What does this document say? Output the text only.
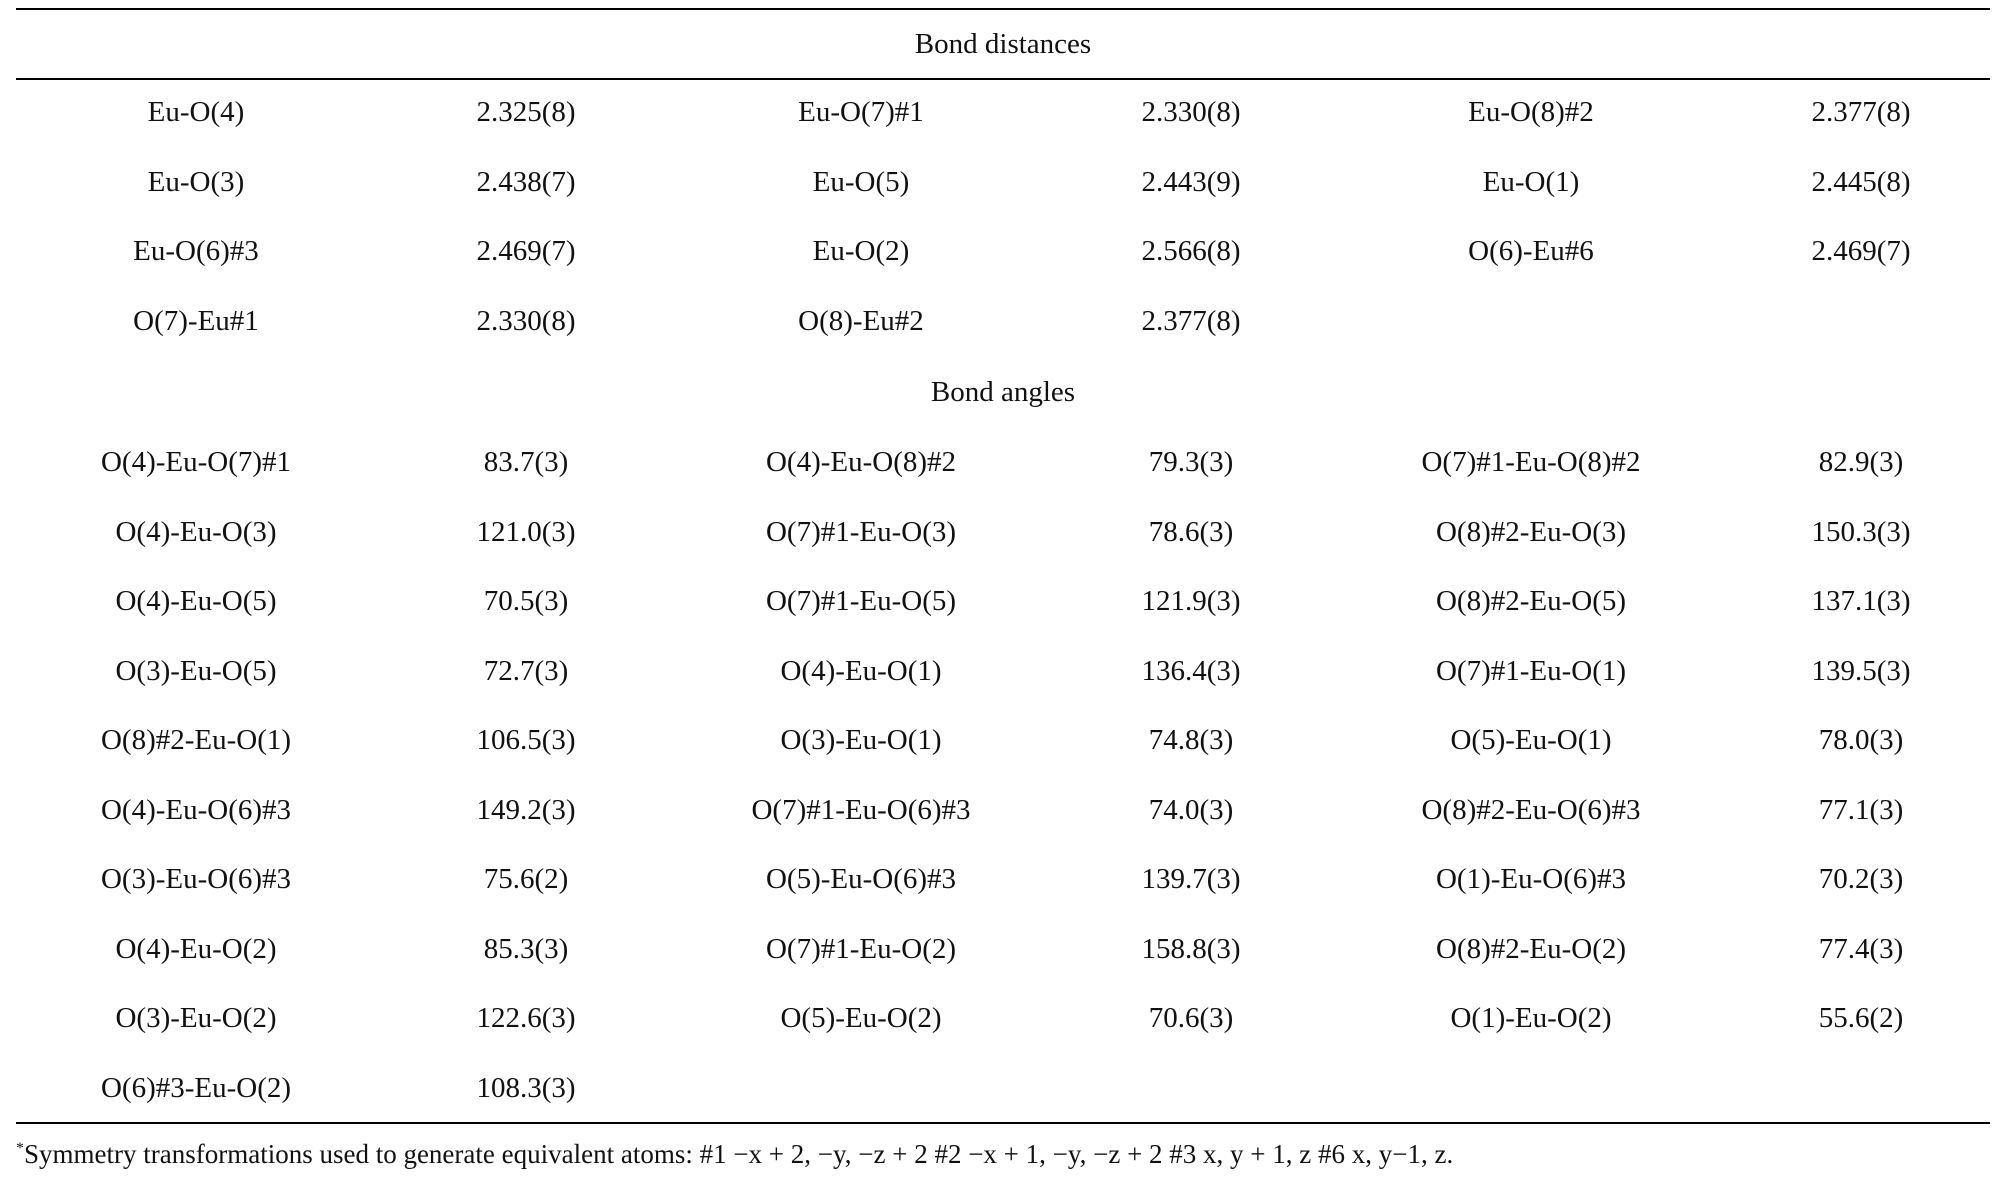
Bond distances
Eu-O(4)	2.325(8)	Eu-O(7)#1	2.330(8)	Eu-O(8)#2	2.377(8)
Eu-O(3)	2.438(7)	Eu-O(5)	2.443(9)	Eu-O(1)	2.445(8)
Eu-O(6)#3	2.469(7)	Eu-O(2)	2.566(8)	O(6)-Eu#6	2.469(7)
O(7)-Eu#1	2.330(8)	O(8)-Eu#2	2.377(8)
Bond angles
O(4)-Eu-O(7)#1	83.7(3)	O(4)-Eu-O(8)#2	79.3(3)	O(7)#1-Eu-O(8)#2	82.9(3)
O(4)-Eu-O(3)	121.0(3)	O(7)#1-Eu-O(3)	78.6(3)	O(8)#2-Eu-O(3)	150.3(3)
O(4)-Eu-O(5)	70.5(3)	O(7)#1-Eu-O(5)	121.9(3)	O(8)#2-Eu-O(5)	137.1(3)
O(3)-Eu-O(5)	72.7(3)	O(4)-Eu-O(1)	136.4(3)	O(7)#1-Eu-O(1)	139.5(3)
O(8)#2-Eu-O(1)	106.5(3)	O(3)-Eu-O(1)	74.8(3)	O(5)-Eu-O(1)	78.0(3)
O(4)-Eu-O(6)#3	149.2(3)	O(7)#1-Eu-O(6)#3	74.0(3)	O(8)#2-Eu-O(6)#3	77.1(3)
O(3)-Eu-O(6)#3	75.6(2)	O(5)-Eu-O(6)#3	139.7(3)	O(1)-Eu-O(6)#3	70.2(3)
O(4)-Eu-O(2)	85.3(3)	O(7)#1-Eu-O(2)	158.8(3)	O(8)#2-Eu-O(2)	77.4(3)
O(3)-Eu-O(2)	122.6(3)	O(5)-Eu-O(2)	70.6(3)	O(1)-Eu-O(2)	55.6(2)
O(6)#3-Eu-O(2)	108.3(3)
*Symmetry transformations used to generate equivalent atoms: #1 −x + 2, −y, −z + 2 #2 −x + 1, −y, −z + 2 #3 x, y + 1, z #6 x, y−1, z.
